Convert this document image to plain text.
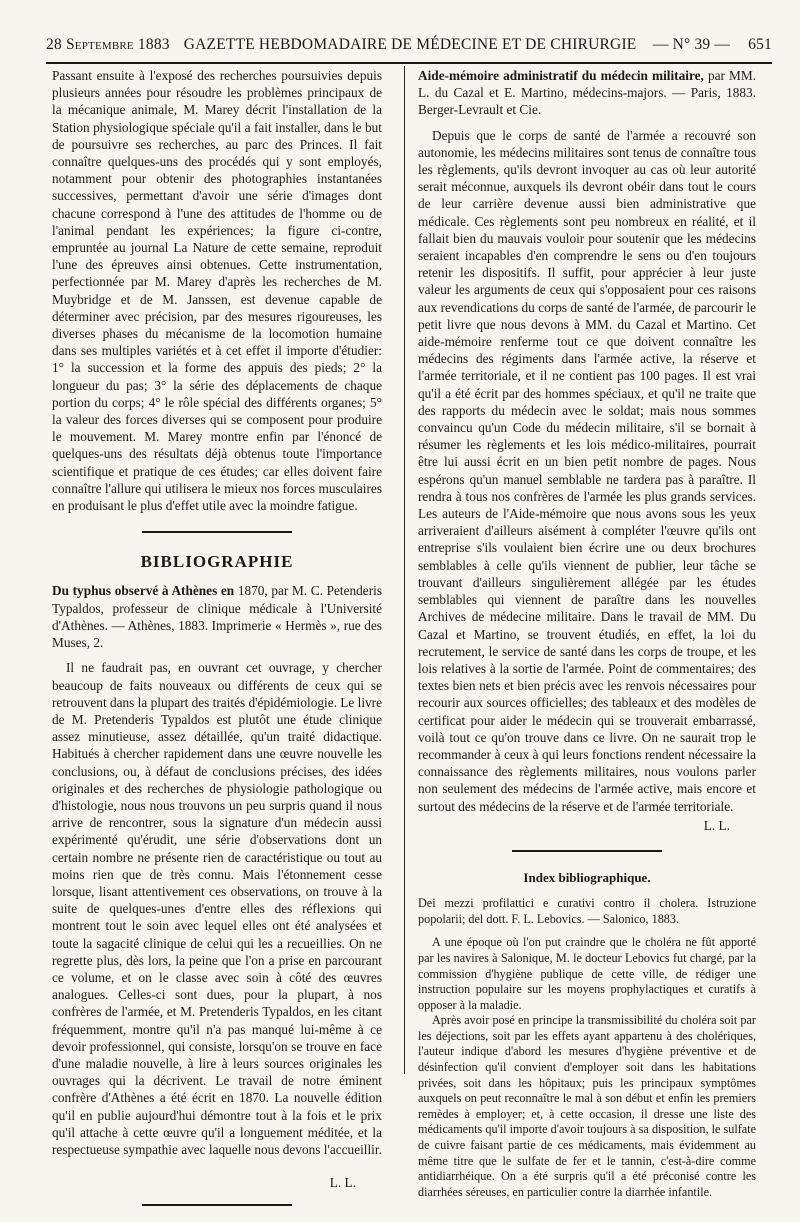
28 Septembre 1883 GAZETTE HEBDOMADAIRE DE MÉDECINE ET DE CHIRURGIE — N° 39 — 651

Passant ensuite à l'exposé des recherches poursuivies depuis plusieurs années pour résoudre les problèmes principaux de la mécanique animale, M. Marey décrit l'installation de la Station physiologique spéciale qu'il a fait installer, dans le but de poursuivre ses recherches, au parc des Princes. Il fait connaître quelques-uns des procédés qui y sont employés, notamment pour obtenir des photographies instantanées successives, permettant d'avoir une série d'images dont chacune correspond à l'une des attitudes de l'homme ou de l'animal pendant les expériences; la figure ci-contre, empruntée au journal La Nature de cette semaine, reproduit l'une des épreuves ainsi obtenues. Cette instrumentation, perfectionnée par M. Marey d'après les recherches de M. Muybridge et de M. Janssen, est devenue capable de déterminer avec précision, par des mesures rigoureuses, les diverses phases du mécanisme de la locomotion humaine dans ses multiples variétés et à cet effet il importe d'étudier: 1° la succession et la forme des appuis des pieds; 2° la longueur du pas; 3° la série des déplacements de chaque portion du corps; 4° le rôle spécial des différents organes; 5° la valeur des forces diverses qui se composent pour produire le mouvement. M. Marey montre enfin par l'énoncé de quelques-uns des résultats déjà obtenus toute l'importance scientifique et pratique de ces études; car elles doivent faire connaître l'allure qui utilisera le mieux nos forces musculaires en produisant le plus d'effet utile avec la moindre fatigue.

BIBLIOGRAPHIE

Du typhus observé à Athènes en 1870, par M. C. Petenderis Typaldos, professeur de clinique médicale à l'Université d'Athènes. — Athènes, 1883. Imprimerie « Hermès », rue des Muses, 2.

Il ne faudrait pas, en ouvrant cet ouvrage, y chercher beaucoup de faits nouveaux ou différents de ceux qui se retrouvent dans la plupart des traités d'épidémiologie. Le livre de M. Pretenderis Typaldos est plutôt une étude clinique assez minutieuse, assez détaillée, qu'un traité didactique. Habitués à chercher rapidement dans une œuvre nouvelle les conclusions, ou, à défaut de conclusions précises, des idées originales et des recherches de physiologie pathologique ou d'histologie, nous nous trouvons un peu surpris quand il nous arrive de rencontrer, sous la signature d'un médecin aussi expérimenté qu'érudit, une série d'observations dont un certain nombre ne présente rien de caractéristique ou tout au moins rien que de très connu. Mais l'étonnement cesse lorsque, lisant attentivement ces observations, on trouve à la suite de quelques-unes d'entre elles des réflexions qui montrent tout le soin avec lequel elles ont été analysées et toute la sagacité clinique de celui qui les a recueillies. On ne regrette plus, dès lors, la peine que l'on a prise en parcourant ce volume, et on le classe avec soin à côté des œuvres analogues. Celles-ci sont dues, pour la plupart, à nos confrères de l'armée, et M. Pretenderis Typaldos, en les citant fréquemment, montre qu'il n'a pas manqué lui-même à ce devoir professionnel, qui consiste, lorsqu'on se trouve en face d'une maladie nouvelle, à lire à leurs sources originales les ouvrages qui la décrivent. Le travail de notre éminent confrère d'Athènes a été écrit en 1870. La nouvelle édition qu'il en publie aujourd'hui démontre tout à la fois et le prix qu'il attache à cette œuvre qu'il a longuement méditée, et la respectueuse sympathie avec laquelle nous devons l'accueillir.

L. L.

Aide-mémoire administratif du médecin militaire, par MM. L. du Cazal et E. Martino, médecins-majors. — Paris, 1883. Berger-Levrault et Cie.

Depuis que le corps de santé de l'armée a recouvré son autonomie, les médecins militaires sont tenus de connaître tous les règlements, qu'ils devront invoquer au cas où leur autorité serait méconnue, auxquels ils devront obéir dans tout le cours de leur carrière devenue aussi bien administrative que médicale. Ces règlements sont peu nombreux en réalité, et il fallait bien du mauvais vouloir pour soutenir que les médecins seraient incapables d'en comprendre le sens ou d'en toujours retenir les dispositifs. Il suffit, pour apprécier à leur juste valeur les arguments de ceux qui s'opposaient pour ces raisons aux revendications du corps de santé de l'armée, de parcourir le petit livre que nous devons à MM. du Cazal et Martino. Cet aide-mémoire renferme tout ce que doivent connaître les médecins des régiments dans l'armée active, la réserve et l'armée territoriale, et il ne contient pas 100 pages. Il est vrai qu'il a été écrit par des hommes spéciaux, et qu'il ne traite que des rapports du médecin avec le soldat; mais nous sommes convaincu qu'un Code du médecin militaire, s'il se bornait à résumer les règlements et les lois médico-militaires, pourrait être lui aussi écrit en un bien petit nombre de pages. Nous espérons qu'un manuel semblable ne tardera pas à paraître. Il rendra à tous nos confrères de l'armée les plus grands services. Les auteurs de l'Aide-mémoire que nous avons sous les yeux arriveraient d'ailleurs aisément à compléter l'œuvre qu'ils ont entreprise s'ils voulaient bien écrire une ou deux brochures semblables à celle qu'ils viennent de publier, leur tâche se trouvant d'ailleurs singulièrement allégée par les études semblables qui viennent de paraître dans les nouvelles Archives de médecine militaire. Dans le travail de MM. Du Cazal et Martino, se trouvent étudiés, en effet, la loi du recrutement, le service de santé dans les corps de troupe, et les lois relatives à la sortie de l'armée. Point de commentaires; des textes bien nets et bien précis avec les renvois nécessaires pour recourir aux sources officielles; des tableaux et des modèles de certificat pour aider le médecin qui se trouverait embarrassé, voilà tout ce qu'on trouve dans ce livre. On ne saurait trop le recommander à ceux à qui leurs fonctions rendent nécessaire la connaissance des règlements militaires, nous voulons parler non seulement des médecins de l'armée active, mais encore et surtout des médecins de la réserve et de l'armée territoriale.

L. L.
Index bibliographique.

Dei mezzi profilattici e curativi contro il cholera. Istruzione popolarii; del dott. F. L. Lebovics. — Salonico, 1883.

A une époque où l'on put craindre que le choléra ne fût apporté par les navires à Salonique, M. le docteur Lebovics fut chargé, par la commission d'hygiène publique de cette ville, de rédiger une instruction populaire sur les moyens prophylactiques et curatifs à opposer à la maladie.

Après avoir posé en principe la transmissibilité du choléra soit par les déjections, soit par les effets ayant appartenu à des cholériques, l'auteur indique d'abord les mesures d'hygiène préventive et de désinfection qu'il convient d'employer soit dans les habitations privées, soit dans les hôpitaux; puis les principaux symptômes auxquels on peut reconnaître le mal à son début et enfin les premiers remèdes à employer; et, à cette occasion, il dresse une liste des médicaments qu'il importe d'avoir toujours à sa disposition, le sulfate de cuivre faisant partie de ces médicaments, mais évidemment au même titre que le sulfate de fer et le tannin, c'est-à-dire comme antidiarrhéique. On a été surpris qu'il a été préconisé contre les diarrhées séreuses, en particulier contre la diarrhée infantile.
